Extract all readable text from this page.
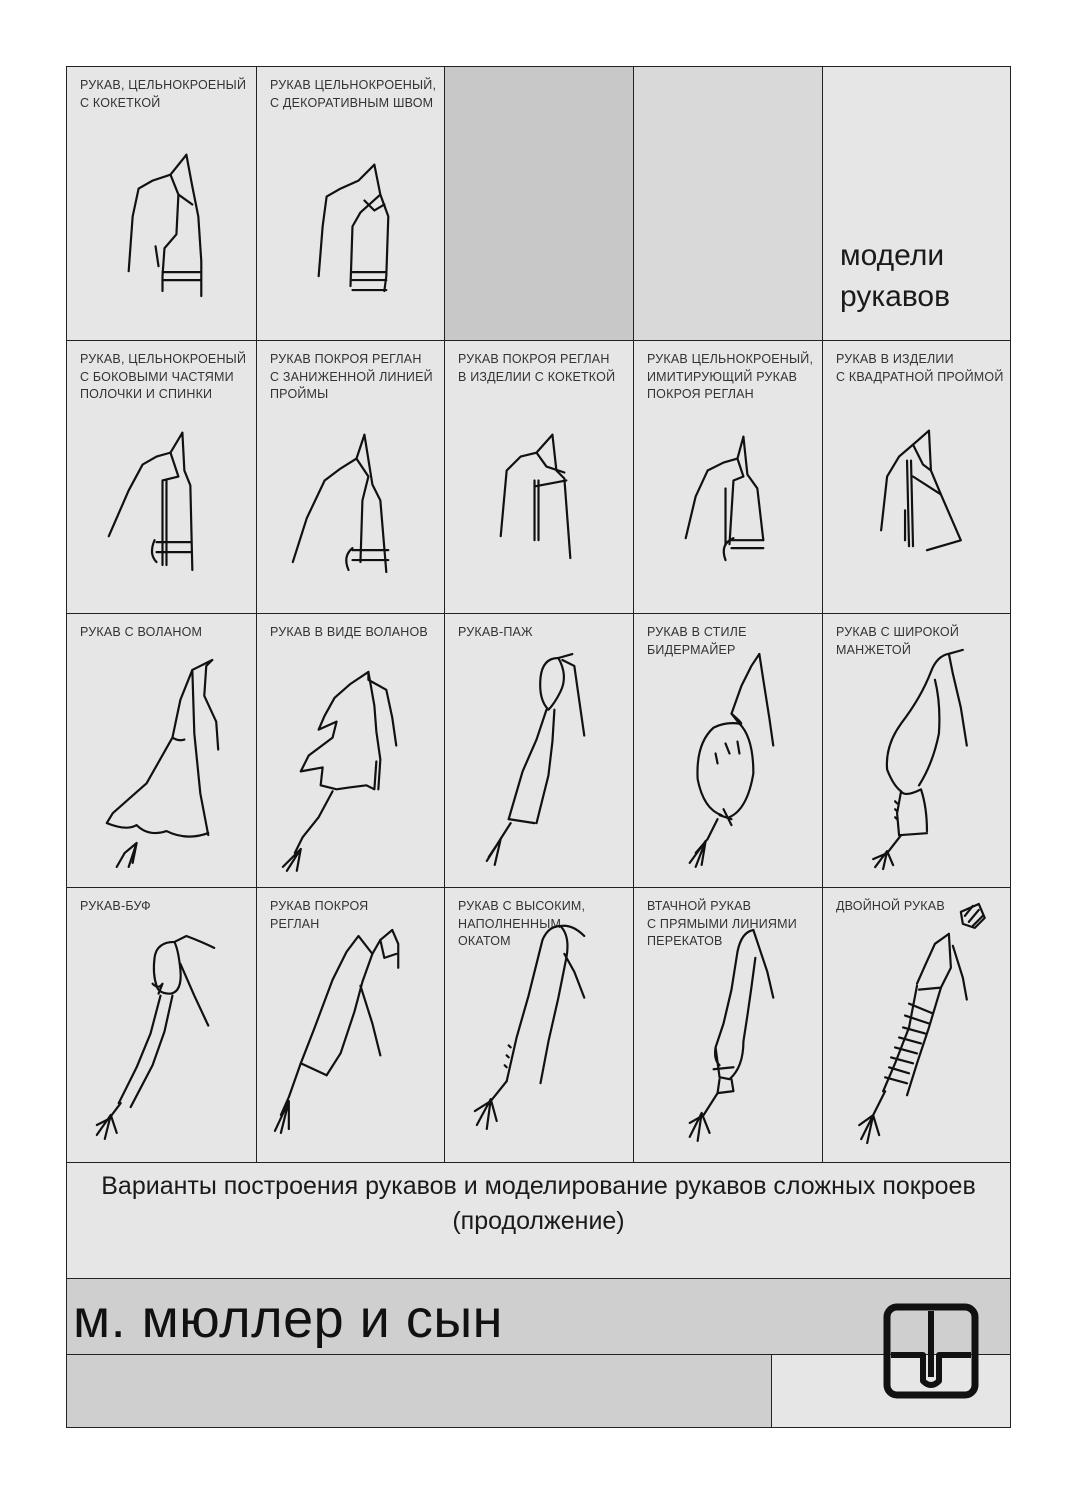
РУКАВ, ЦЕЛЬНОКРОЕНЫЙ
С КОКЕТКОЙ
РУКАВ ЦЕЛЬНОКРОЕНЫЙ,
С ДЕКОРАТИВНЫМ ШВОМ
модели рукавов
РУКАВ, ЦЕЛЬНОКРОЕНЫЙ
С БОКОВЫМИ ЧАСТЯМИ
ПОЛОЧКИ И СПИНКИ
РУКАВ ПОКРОЯ РЕГЛАН
С ЗАНИЖЕННОЙ ЛИНИЕЙ
ПРОЙМЫ
РУКАВ ПОКРОЯ РЕГЛАН
В ИЗДЕЛИИ С КОКЕТКОЙ
РУКАВ ЦЕЛЬНОКРОЕНЫЙ,
ИМИТИРУЮЩИЙ РУКАВ
ПОКРОЯ РЕГЛАН
РУКАВ В ИЗДЕЛИИ
С КВАДРАТНОЙ ПРОЙМОЙ
РУКАВ С ВОЛАНОМ	РУКАВ В ВИДЕ ВОЛАНОВ	РУКАВ-ПАЖ	РУКАВ В СТИЛЕ
БИДЕРМАЙЕР
РУКАВ С ШИРОКОЙ
МАНЖЕТОЙ
РУКАВ-БУФ	РУКАВ ПОКРОЯ
РЕГЛАН
РУКАВ С ВЫСОКИМ,
НАПОЛНЕННЫМ
ОКАТОМ
ВТАЧНОЙ РУКАВ
С ПРЯМЫМИ ЛИНИЯМИ
ПЕРЕКАТОВ
ДВОЙНОЙ РУКАВ
Варианты построения рукавов и моделирование рукавов сложных покроев (продолжение)
м. мюллер и сын
